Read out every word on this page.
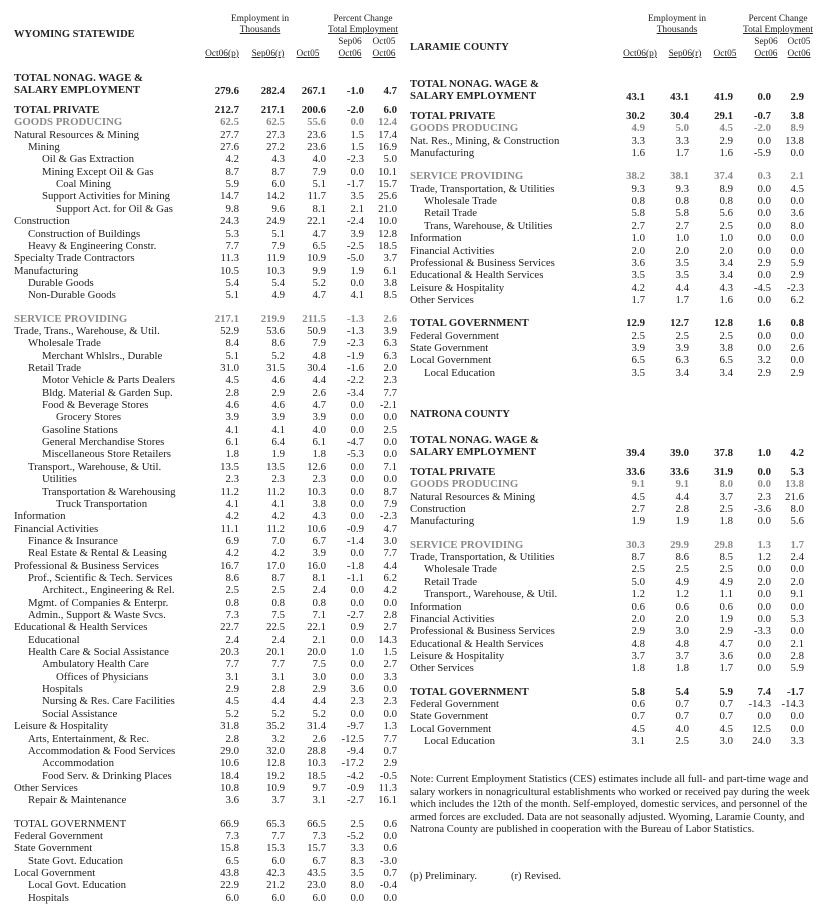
WYOMING STATEWIDE
Employment in
Thousands
Percent Change
Total Employment
Sep06	Oct05
Oct06(p)	Sep06(r)	Oct05	Oct06	Oct06
LARAMIE COUNTY
Employment in
Thousands
Percent Change
Total Employment
Sep06	Oct05
Oct06(p)	Sep06(r)	Oct05	Oct06	Oct06
NATRONA COUNTY
TOTAL NONAG. WAGE & SALARY EMPLOYMENT	279.6	282.4	267.1	-1.0	4.7
TOTAL PRIVATE	212.7	217.1	200.6	-2.0	6.0
GOODS PRODUCING	62.5	62.5	55.6	0.0	12.4
Natural Resources & Mining	27.7	27.3	23.6	1.5	17.4
Mining	27.6	27.2	23.6	1.5	16.9
Oil & Gas Extraction	4.2	4.3	4.0	-2.3	5.0
Mining Except Oil & Gas	8.7	8.7	7.9	0.0	10.1
Coal Mining	5.9	6.0	5.1	-1.7	15.7
Support Activities for Mining	14.7	14.2	11.7	3.5	25.6
Support Act. for Oil & Gas	9.8	9.6	8.1	2.1	21.0
Construction	24.3	24.9	22.1	-2.4	10.0
Construction of Buildings	5.3	5.1	4.7	3.9	12.8
Heavy & Engineering Constr.	7.7	7.9	6.5	-2.5	18.5
Specialty Trade Contractors	11.3	11.9	10.9	-5.0	3.7
Manufacturing	10.5	10.3	9.9	1.9	6.1
Durable Goods	5.4	5.4	5.2	0.0	3.8
Non-Durable Goods	5.1	4.9	4.7	4.1	8.5
SERVICE PROVIDING	217.1	219.9	211.5	-1.3	2.6
Trade, Trans., Warehouse, & Util.	52.9	53.6	50.9	-1.3	3.9
Wholesale Trade	8.4	8.6	7.9	-2.3	6.3
Merchant Whlslrs., Durable	5.1	5.2	4.8	-1.9	6.3
Retail Trade	31.0	31.5	30.4	-1.6	2.0
Motor Vehicle & Parts Dealers	4.5	4.6	4.4	-2.2	2.3
Bldg. Material & Garden Sup.	2.8	2.9	2.6	-3.4	7.7
Food & Beverage Stores	4.6	4.6	4.7	0.0	-2.1
Grocery Stores	3.9	3.9	3.9	0.0	0.0
Gasoline Stations	4.1	4.1	4.0	0.0	2.5
General Merchandise Stores	6.1	6.4	6.1	-4.7	0.0
Miscellaneous Store Retailers	1.8	1.9	1.8	-5.3	0.0
Transport., Warehouse, & Util.	13.5	13.5	12.6	0.0	7.1
Utilities	2.3	2.3	2.3	0.0	0.0
Transportation & Warehousing	11.2	11.2	10.3	0.0	8.7
Truck Transportation	4.1	4.1	3.8	0.0	7.9
Information	4.2	4.2	4.3	0.0	-2.3
Financial Activities	11.1	11.2	10.6	-0.9	4.7
Finance & Insurance	6.9	7.0	6.7	-1.4	3.0
Real Estate & Rental & Leasing	4.2	4.2	3.9	0.0	7.7
Professional & Business Services	16.7	17.0	16.0	-1.8	4.4
Prof., Scientific & Tech. Services	8.6	8.7	8.1	-1.1	6.2
Architect., Engineering & Rel.	2.5	2.5	2.4	0.0	4.2
Mgmt. of Companies & Enterpr.	0.8	0.8	0.8	0.0	0.0
Admin., Support & Waste Svcs.	7.3	7.5	7.1	-2.7	2.8
Educational & Health Services	22.7	22.5	22.1	0.9	2.7
Educational	2.4	2.4	2.1	0.0	14.3
Health Care & Social Assistance	20.3	20.1	20.0	1.0	1.5
Ambulatory Health Care	7.7	7.7	7.5	0.0	2.7
Offices of Physicians	3.1	3.1	3.0	0.0	3.3
Hospitals	2.9	2.8	2.9	3.6	0.0
Nursing & Res. Care Facilities	4.5	4.4	4.4	2.3	2.3
Social Assistance	5.2	5.2	5.2	0.0	0.0
Leisure & Hospitality	31.8	35.2	31.4	-9.7	1.3
Arts, Entertainment, & Rec.	2.8	3.2	2.6	-12.5	7.7
Accommodation & Food Services	29.0	32.0	28.8	-9.4	0.7
Accommodation	10.6	12.8	10.3	-17.2	2.9
Food Serv. & Drinking Places	18.4	19.2	18.5	-4.2	-0.5
Other Services	10.8	10.9	9.7	-0.9	11.3
Repair & Maintenance	3.6	3.7	3.1	-2.7	16.1
TOTAL GOVERNMENT	66.9	65.3	66.5	2.5	0.6
Federal Government	7.3	7.7	7.3	-5.2	0.0
State Government	15.8	15.3	15.7	3.3	0.6
State Govt. Education	6.5	6.0	6.7	8.3	-3.0
Local Government	43.8	42.3	43.5	3.5	0.7
Local Govt. Education	22.9	21.2	23.0	8.0	-0.4
Hospitals	6.0	6.0	6.0	0.0	0.0
TOTAL NONAG. WAGE & SALARY EMPLOYMENT	43.1	43.1	41.9	0.0	2.9
TOTAL PRIVATE	30.2	30.4	29.1	-0.7	3.8
GOODS PRODUCING	4.9	5.0	4.5	-2.0	8.9
Nat. Res., Mining, & Construction	3.3	3.3	2.9	0.0	13.8
Manufacturing	1.6	1.7	1.6	-5.9	0.0
SERVICE PROVIDING	38.2	38.1	37.4	0.3	2.1
Trade, Transportation, & Utilities	9.3	9.3	8.9	0.0	4.5
Wholesale Trade	0.8	0.8	0.8	0.0	0.0
Retail Trade	5.8	5.8	5.6	0.0	3.6
Trans, Warehouse, & Utilities	2.7	2.7	2.5	0.0	8.0
Information	1.0	1.0	1.0	0.0	0.0
Financial Activities	2.0	2.0	2.0	0.0	0.0
Professional & Business Services	3.6	3.5	3.4	2.9	5.9
Educational & Health Services	3.5	3.5	3.4	0.0	2.9
Leisure & Hospitality	4.2	4.4	4.3	-4.5	-2.3
Other Services	1.7	1.7	1.6	0.0	6.2
TOTAL GOVERNMENT	12.9	12.7	12.8	1.6	0.8
Federal Government	2.5	2.5	2.5	0.0	0.0
State Government	3.9	3.9	3.8	0.0	2.6
Local Government	6.5	6.3	6.5	3.2	0.0
Local Education	3.5	3.4	3.4	2.9	2.9
TOTAL NONAG. WAGE & SALARY EMPLOYMENT	39.4	39.0	37.8	1.0	4.2
TOTAL PRIVATE	33.6	33.6	31.9	0.0	5.3
GOODS PRODUCING	9.1	9.1	8.0	0.0	13.8
Natural Resources & Mining	4.5	4.4	3.7	2.3	21.6
Construction	2.7	2.8	2.5	-3.6	8.0
Manufacturing	1.9	1.9	1.8	0.0	5.6
SERVICE PROVIDING	30.3	29.9	29.8	1.3	1.7
Trade, Transportation, & Utilities	8.7	8.6	8.5	1.2	2.4
Wholesale Trade	2.5	2.5	2.5	0.0	0.0
Retail Trade	5.0	4.9	4.9	2.0	2.0
Transport., Warehouse, & Util.	1.2	1.2	1.1	0.0	9.1
Information	0.6	0.6	0.6	0.0	0.0
Financial Activities	2.0	2.0	1.9	0.0	5.3
Professional & Business Services	2.9	3.0	2.9	-3.3	0.0
Educational & Health Services	4.8	4.8	4.7	0.0	2.1
Leisure & Hospitality	3.7	3.7	3.6	0.0	2.8
Other Services	1.8	1.8	1.7	0.0	5.9
TOTAL GOVERNMENT	5.8	5.4	5.9	7.4	-1.7
Federal Government	0.6	0.7	0.7	-14.3 -14.3
State Government	0.7	0.7	0.7	0.0	0.0
Local Government	4.5	4.0	4.5	12.5	0.0
Local Education	3.1	2.5	3.0	24.0	3.3
Note: Current Employment Statistics (CES) estimates include all full- and part-time wage and salary workers in nonagricultural establishments who worked or received pay during the week which includes the 12th of the month. Self-employed, domestic services, and personnel of the armed forces are excluded. Data are not seasonally adjusted. Wyoming, Laramie County, and Natrona County are published in cooperation with the Bureau of Labor Statistics.
(p) Preliminary.	(r) Revised.
